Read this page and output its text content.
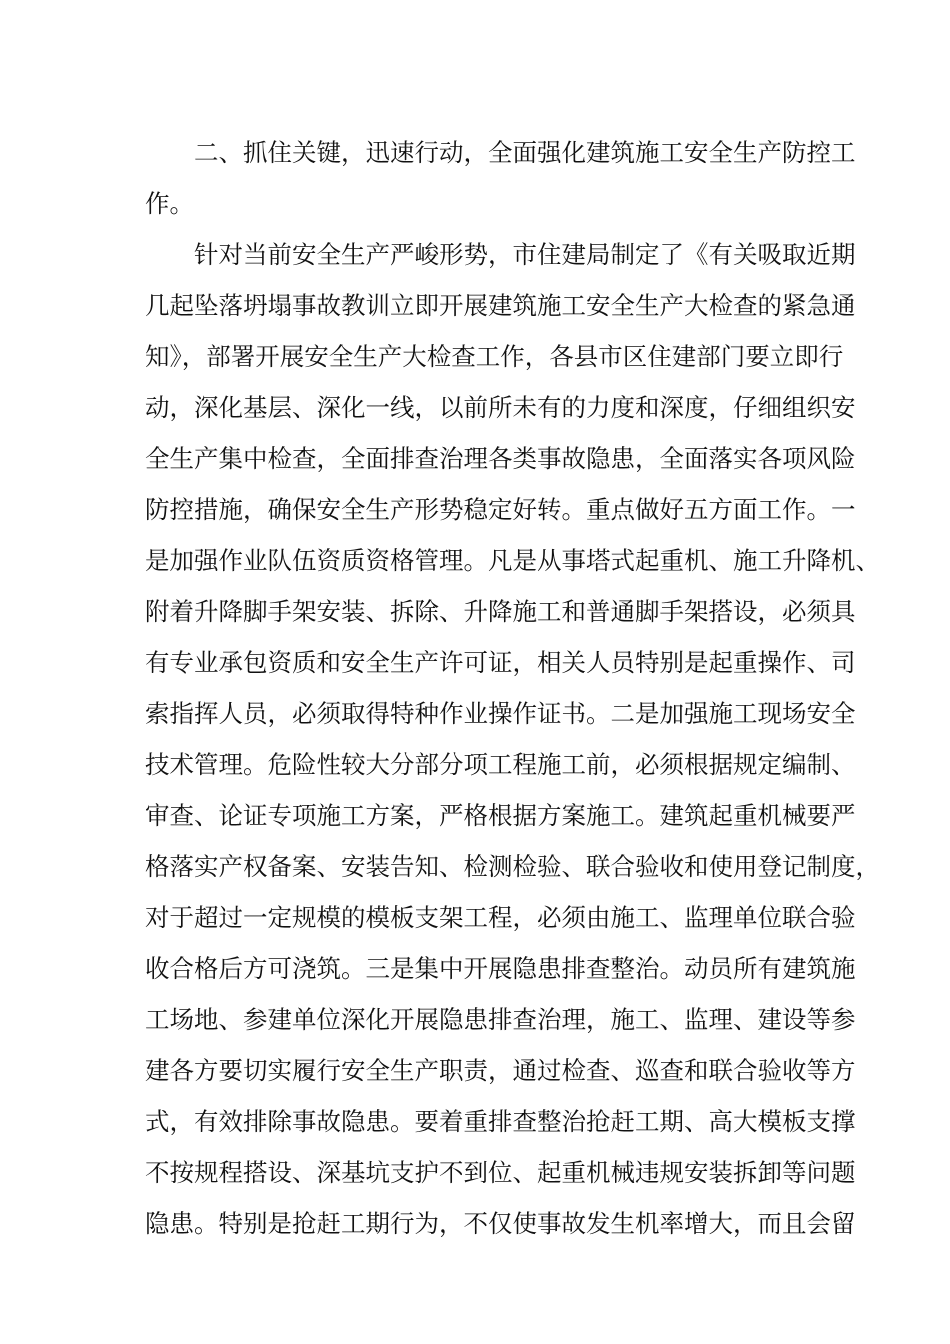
　　二、抓住关键，迅速行动，全面强化建筑施工安全生产防控工
作。
　　针对当前安全生产严峻形势，市住建局制定了《有关吸取近期
几起坠落坍塌事故教训立即开展建筑施工安全生产大检查的紧急通
知》，部署开展安全生产大检查工作，各县市区住建部门要立即行
动，深化基层、深化一线，以前所未有的力度和深度，仔细组织安
全生产集中检查，全面排查治理各类事故隐患，全面落实各项风险
防控措施，确保安全生产形势稳定好转。重点做好五方面工作。一
是加强作业队伍资质资格管理。凡是从事塔式起重机、施工升降机、
附着升降脚手架安装、拆除、升降施工和普通脚手架搭设，必须具
有专业承包资质和安全生产许可证，相关人员特别是起重操作、司
索指挥人员，必须取得特种作业操作证书。二是加强施工现场安全
技术管理。危险性较大分部分项工程施工前，必须根据规定编制、
审查、论证专项施工方案，严格根据方案施工。建筑起重机械要严
格落实产权备案、安装告知、检测检验、联合验收和使用登记制度，
对于超过一定规模的模板支架工程，必须由施工、监理单位联合验
收合格后方可浇筑。三是集中开展隐患排查整治。动员所有建筑施
工场地、参建单位深化开展隐患排查治理，施工、监理、建设等参
建各方要切实履行安全生产职责，通过检查、巡查和联合验收等方
式，有效排除事故隐患。要着重排查整治抢赶工期、高大模板支撑
不按规程搭设、深基坑支护不到位、起重机械违规安装拆卸等问题
隐患。特别是抢赶工期行为，不仅使事故发生机率增大，而且会留
